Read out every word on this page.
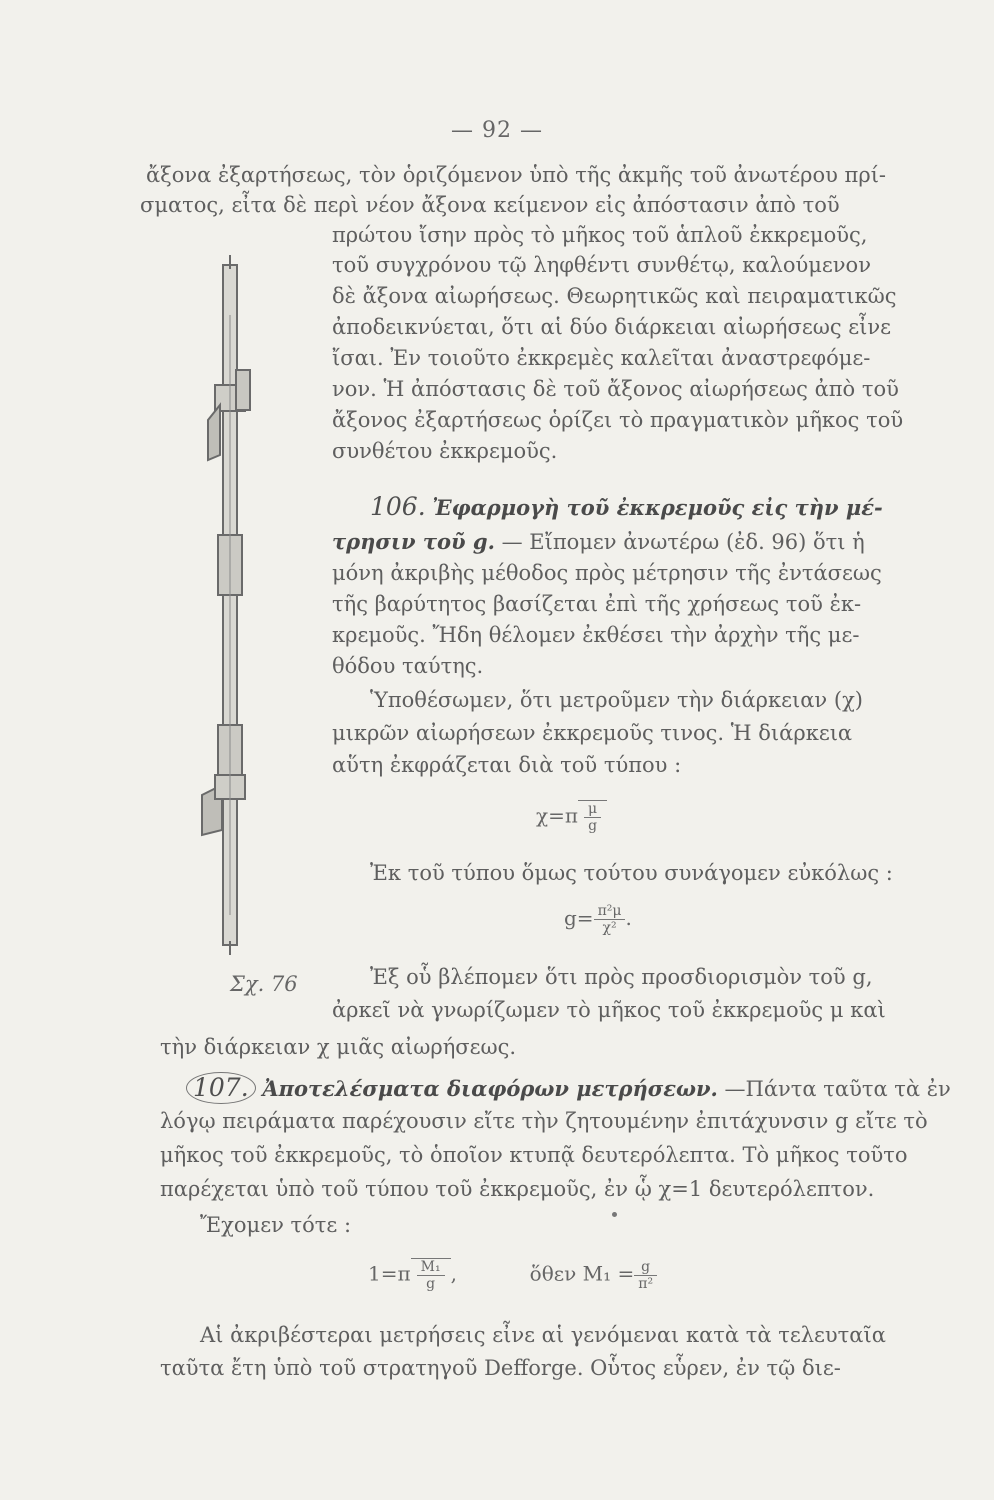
— 92 —
ἄξονα ἐξαρτήσεως, τὸν ὁριζόμενον ὑπὸ τῆς ἀκμῆς τοῦ ἀνωτέρου πρί-
σματος, εἶτα δὲ περὶ νέον ἄξονα κείμενον εἰς ἀπόστασιν ἀπὸ τοῦ
πρώτου ἴσην πρὸς τὸ μῆκος τοῦ ἁπλοῦ ἐκκρεμοῦς,
τοῦ συγχρόνου τῷ ληφθέντι συνθέτῳ, καλούμενον
δὲ ἄξονα αἰωρήσεως. Θεωρητικῶς καὶ πειραματικῶς
ἀποδεικνύεται, ὅτι αἱ δύο διάρκειαι αἰωρήσεως εἶνε
ἴσαι. Ἐν τοιοῦτο ἐκκρεμὲς καλεῖται ἀναστρεφόμε-
νον. Ἡ ἀπόστασις δὲ τοῦ ἄξονος αἰωρήσεως ἀπὸ τοῦ
ἄξονος ἐξαρτήσεως ὁρίζει τὸ πραγματικὸν μῆκος τοῦ
συνθέτου ἐκκρεμοῦς.
Σχ. 76
106. Ἐφαρμογὴ τοῦ ἐκκρεμοῦς εἰς τὴν μέ-
τρησιν τοῦ g. — Εἴπομεν ἀνωτέρω (ἐδ. 96) ὅτι ἡ
μόνη ἀκριβὴς μέθοδος πρὸς μέτρησιν τῆς ἐντάσεως
τῆς βαρύτητος βασίζεται ἐπὶ τῆς χρήσεως τοῦ ἐκ-
κρεμοῦς. Ἤδη θέλομεν ἐκθέσει τὴν ἀρχὴν τῆς με-
θόδου ταύτης.
Ὑποθέσωμεν, ὅτι μετροῦμεν τὴν διάρκειαν (χ)
μικρῶν αἰωρήσεων ἐκκρεμοῦς τινος. Ἡ διάρκεια
αὕτη ἐκφράζεται διὰ τοῦ τύπου :
$\chi=\pi \frac{\mu}{g}$
Ἐκ τοῦ τύπου ὅμως τούτου συνάγομεν εὐκόλως :
$g= \frac{\text{π²μ}}{\text{χ²}}$ .
Ἐξ οὗ βλέπομεν ὅτι πρὸς προσδιορισμὸν τοῦ g,
ἀρκεῖ νὰ γνωρίζωμεν τὸ μῆκος τοῦ ἐκκρεμοῦς μ καὶ
τὴν διάρκειαν χ μιᾶς αἰωρήσεως.
107. Ἀποτελέσματα διαφόρων μετρήσεων. —Πάντα ταῦτα τὰ ἐν
λόγῳ πειράματα παρέχουσιν εἴτε τὴν ζητουμένην ἐπιτάχυνσιν g εἴτε τὸ
μῆκος τοῦ ἐκκρεμοῦς, τὸ ὁποῖον κτυπᾷ δευτερόλεπτα. Τὸ μῆκος τοῦτο
παρέχεται ὑπὸ τοῦ τύπου τοῦ ἐκκρεμοῦς, ἐν ᾧ χ=1 δευτερόλεπτον.
Ἔχομεν τότε :
$1=\pi \frac{\text{M₁}}{g}$ ,	ὅθεν $M_1 = \frac{g}{\text{π²}}$
Αἱ ἀκριβέστεραι μετρήσεις εἶνε αἱ γενόμεναι κατὰ τὰ τελευταῖα
ταῦτα ἔτη ὑπὸ τοῦ στρατηγοῦ Defforge. Οὗτος εὗρεν, ἐν τῷ διε-
